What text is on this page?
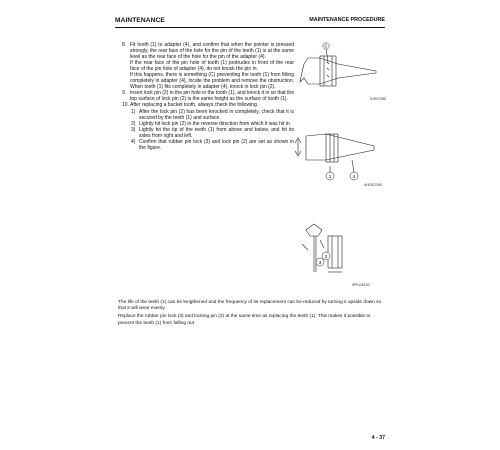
MAINTENANCE	MAINTENANCE PROCEDURE
8. Fit tooth (1) to adapter (4), and confirm that when the pointer is pressed strongly, the rear face of the hole for the pin of the teeth (1) is at the same level as the rear face of the hole for the pin of the adapter (4).

If the rear face of the pin hole of tooth (1) protrudes in front of the rear face of the pin hole of adapter (4), do not knock the pin in.

If this happens, there is something (C) preventing the tooth (1) from fitting completely in adapter (4), locate the problem and remove the obstruction. When tooth (1) fits completely in adapter (4), knock in lock pin (2).

9. Insert lock pin (2) in the pin hole in the tooth (1), and knock it in so that the top surface of lock pin (2) is the same height as the surface of tooth (1).

10. After replacing a bucket tooth, always check the following.

1) After the lock pin (2) has been knocked in completely, check that it is secured by the teeth (1) and surface.
2) Lightly hit lock pin (2) in the reverse direction from which it was hit in.
3) Lightly hit the tip of the teeth (1) from above and below, and hit its sides from right and left.
4) Confirm that rubber pin lock (3) and lock pin (2) are set as shown in the figure.
C
9JH07356
1	4
AHDE1340
3
2
9PKO6150

The life of the teeth (1) can be lengthened and the frequency of its replacement can be reduced by turning it upside down so that it will wear evenly.

Replace the rubber pin lock (3) and locking pin (2) at the same time as replacing the teeth (1). This makes it possible to prevent the teeth (1) from falling out.

4 - 37
